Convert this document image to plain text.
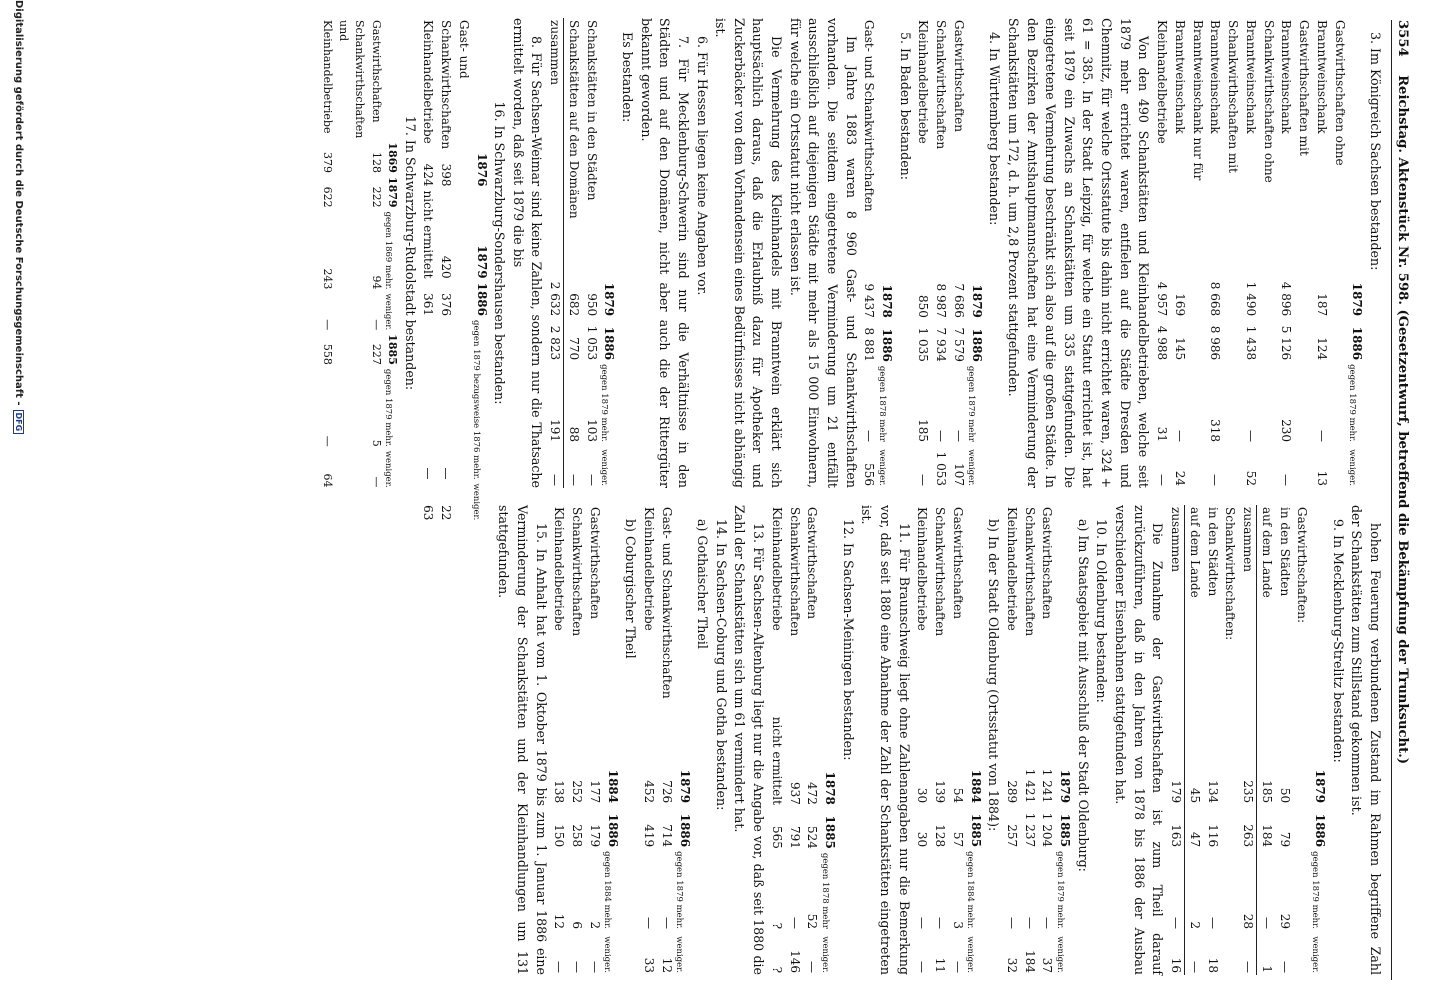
3554    Reichstag. Aktenstück Nr. 598. (Gesetzentwurf, betreffend die Bekämpfung der Trunksucht.)

3. Im Königreich Sachsen bestanden:

	1879	1886	gegen 1879 mehr.	weniger.
Gastwirthschaften ohne Branntweinschank	187	124	—	13
Gastwirthschaften mit Branntweinschank	4 896	5 126	230	—
Schankwirthschaften ohne Branntweinschank	1 490	1 438	—	52
Schankwirthschaften mit Branntweinschank	8 668	8 986	318	—
Branntweinschank nur für Branntweinschank	169	145	—	24
Kleinhandelbetriebe	4 957	4 988	31	—

Von den 490 Schankstätten und Kleinhandelbetrieben, welche seit 1879 mehr errichtet waren, entfielen auf die Städte Dresden und Chemnitz, für welche Ortsstatute bis dahin nicht errichtet waren, 324 + 61 = 385. In der Stadt Leipzig, für welche ein Statut errichtet ist, hat seit 1879 ein Zuwachs an Schankstätten um 335 stattgefunden. Die eingetretene Vermehrung beschränkt sich also auf die großen Städte. In den Bezirken der Amtshauptmannschaften hat eine Verminderung der Schankstätten um 172, d. h. um 2,8 Prozent stattgefunden.

4. In Württemberg bestanden:

	1879	1886	gegen 1879 mehr	weniger.
Gastwirthschaften	7 686	7 579	—	107
Schankwirthschaften	8 987	7 934	—	1 053
Kleinhandelbetriebe	850	1 035	185	—

5. In Baden bestanden:

	1878	1886	gegen 1878 mehr	weniger.
Gast- und Schankwirthschaften	9 437	8 881	—	556

Im Jahre 1883 waren 8 960 Gast- und Schankwirthschaften vorhanden. Die seitdem eingetretene Verminderung um 21 entfällt ausschließlich auf diejenigen Städte mit mehr als 15 000 Einwohnern, für welche ein Ortsstatut nicht erlassen ist.

Die Vermehrung des Kleinhandels mit Branntwein erklärt sich hauptsächlich daraus, daß die Erlaubniß dazu für Apotheker und Zuckerbäcker von dem Vorhandensein eines Bedürfnisses nicht abhängig ist.

6. Für Hessen liegen keine Angaben vor.

7. Für Mecklenburg-Schwerin sind nur die Verhältnisse in den Städten und auf den Domänen, nicht aber auch die der Rittergüter bekannt geworden.

Es bestanden:

	1879	1886	gegen 1879 mehr.	weniger.
Schankstätten in den Städten	950	1 053	103	—
Schankstätten auf den Domänen	682	770	88	—
zusammen	2 632	2 823	191	—

8. Für Sachsen-Weimar sind keine Zahlen, sondern nur die Thatsache ermittelt worden, daß seit 1879 die bis

16. In Schwarzburg-Sondershausen bestanden:

	1876	1879	1886	gegen 1879 bezugsweise 1876 mehr.	weniger.
Gast- und Schankwirthschaften	398	420	376	—	22
Kleinhandelbetriebe	424	nicht ermittelt	361	—	63

17. In Schwarzburg-Rudolstadt bestanden:

	1869	1879	gegen 1869 mehr.	weniger.	1885	gegen 1879 mehr.	weniger.
Gastwirthschaften	128	222	94	—	227	5	—
Schankwirthschaften und Kleinhandelbetriebe	379	622	243	—	558	—	64

hohen Feuerung verbundenen Zustand im Rahmen begriffene Zahl der Schankstätten zum Stillstand gekommen ist.

9. In Mecklenburg-Strelitz bestanden:

	1879	1886	gegen 1879 mehr.	weniger.
Gastwirthschaften:				
in den Städten	50	79	29	—
auf dem Lande	185	184	—	1
zusammen	235	263	28	—
Schankwirthschaften:				
in den Städten	134	116	—	18
auf dem Lande	45	47	2	—
zusammen	179	163	—	16

Die Zunahme der Gastwirthschaften ist zum Theil darauf zurückzuführen, daß in den Jahren von 1878 bis 1886 der Ausbau verschiedener Eisenbahnen stattgefunden hat.

10. In Oldenburg bestanden:

a) Im Staatsgebiet mit Ausschluß der Stadt Oldenburg:

	1879	1885	gegen 1879 mehr.	weniger.
Gastwirthschaften	1 241	1 204	—	37
Schankwirthschaften	1 421	1 237	—	184
Kleinhandelbetriebe	289	257	—	32

b) In der Stadt Oldenburg (Ortsstatut von 1884):

	1884	1885	gegen 1884 mehr.	weniger.
Gastwirthschaften	54	57	3	—
Schankwirthschaften	139	128	—	11
Kleinhandelbetriebe	30	30	—	—

11. Für Braunschweig liegt ohne Zahlenangaben nur die Bemerkung vor, daß seit 1880 eine Abnahme der Zahl der Schankstätten eingetreten ist.

12. In Sachsen-Meiningen bestanden:

	1878	1885	gegen 1878 mehr	weniger.
Gastwirthschaften	472	524	52	—
Schankwirthschaften	937	791	—	146
Kleinhandelbetriebe	nicht ermittelt	565	?	?

13. Für Sachsen-Altenburg liegt nur die Angabe vor, daß seit 1880 die Zahl der Schankstätten sich um 61 vermindert hat.

14. In Sachsen-Coburg und Gotha bestanden:

a) Gothaischer Theil

	1879	1886	gegen 1879 mehr.	weniger.
Gast- und Schankwirthschaften	726	714	—	12
Kleinhandelbetriebe	452	419	—	33

b) Coburgischer Theil

	1884	1886	gegen 1884 mehr.	weniger.
Gastwirthschaften	177	179	2	—
Schankwirthschaften	252	258	6	—
Kleinhandelbetriebe	138	150	12	—

15. In Anhalt hat vom 1. Oktober 1879 bis zum 1. Januar 1886 eine Verminderung der Schankstätten und der Kleinhandlungen um 131 stattgefunden.

Digitalisierung gefördert durch die Deutsche Forschungsgemeinschaft -
DFG
